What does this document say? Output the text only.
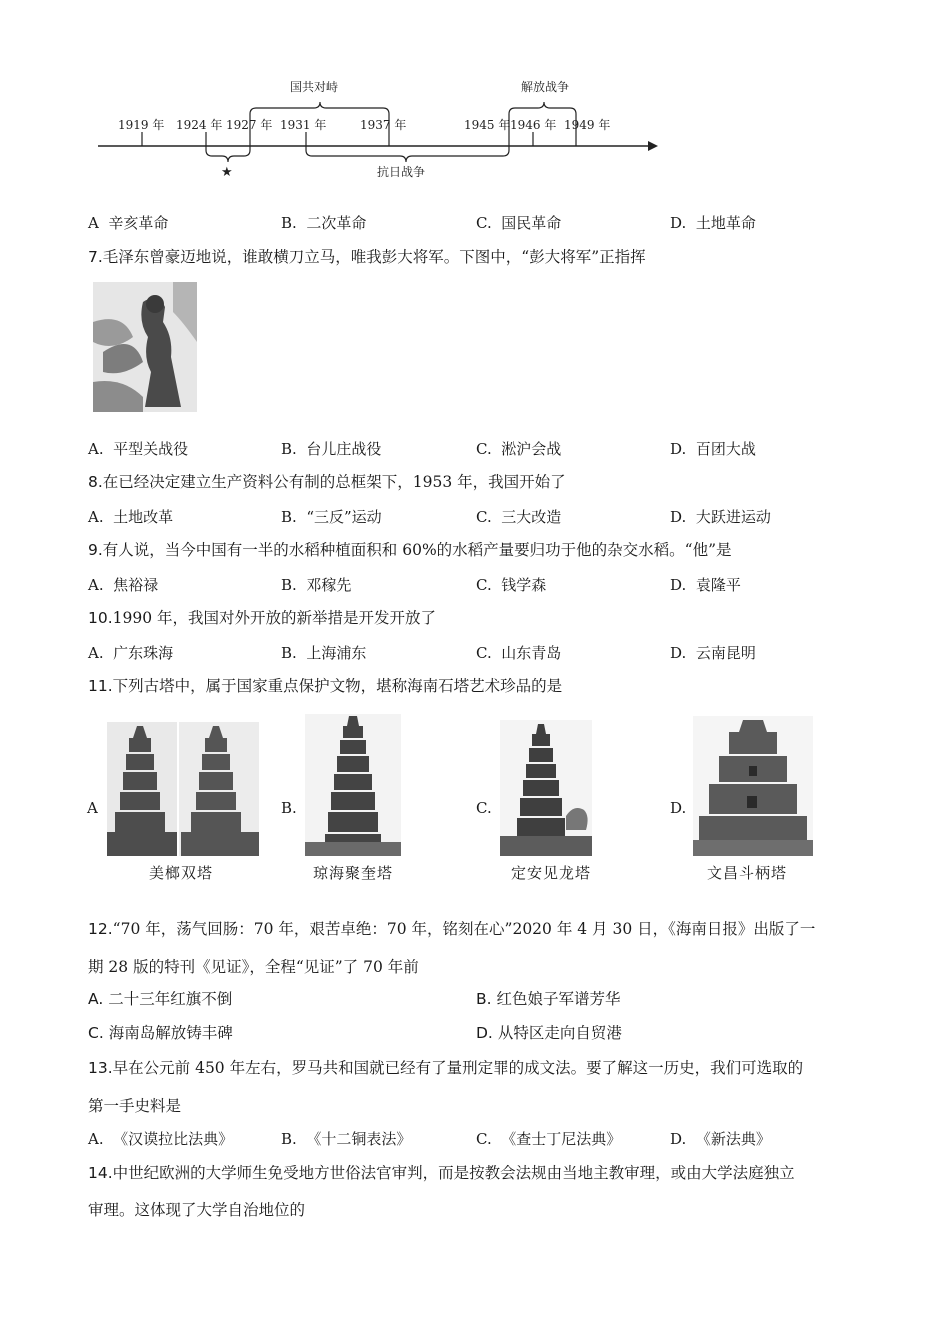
1919 年 1924 年 1927 年 1931 年	1937 年	1945 年 1946 年 1949 年
国共对峙	解放战争
★	抗日战争
A 辛亥革命	B. 二次革命	C. 国民革命	D. 土地革命
7.毛泽东曾豪迈地说，谁敢横刀立马，唯我彭大将军。下图中，“彭大将军”正指挥
A. 平型关战役	B. 台儿庄战役	C. 淞沪会战	D. 百团大战
8.在已经决定建立生产资料公有制的总框架下，1953 年，我国开始了
A. 土地改革	B. “三反”运动	C. 三大改造	D. 大跃进运动
9.有人说，当今中国有一半的水稻种植面积和 60%的水稻产量要归功于他的杂交水稻。“他”是
A. 焦裕禄	B. 邓稼先	C. 钱学森	D. 袁隆平
10.1990 年，我国对外开放的新举措是开发开放了
A. 广东珠海	B. 上海浦东	C. 山东青岛	D. 云南昆明
11.下列古塔中，属于国家重点保护文物，堪称海南石塔艺术珍品的是
A
美榔双塔
B.
琼海聚奎塔
C.
定安见龙塔
D.
文昌斗柄塔
12.“70 年，荡气回肠：70 年，艰苦卓绝：70 年，铭刻在心”2020 年 4 月 30 日，《海南日报》出版了一
期 28 版的特刊《见证》，全程“见证”了 70 年前
A. 二十三年红旗不倒	B. 红色娘子军谱芳华
C. 海南岛解放铸丰碑	D. 从特区走向自贸港
13.早在公元前 450 年左右，罗马共和国就已经有了量刑定罪的成文法。要了解这一历史，我们可选取的
第一手史料是
A. 《汉谟拉比法典》	B. 《十二铜表法》	C. 《查士丁尼法典》	D. 《新法典》
14.中世纪欧洲的大学师生免受地方世俗法官审判，而是按教会法规由当地主教审理，或由大学法庭独立
审理。这体现了大学自治地位的
